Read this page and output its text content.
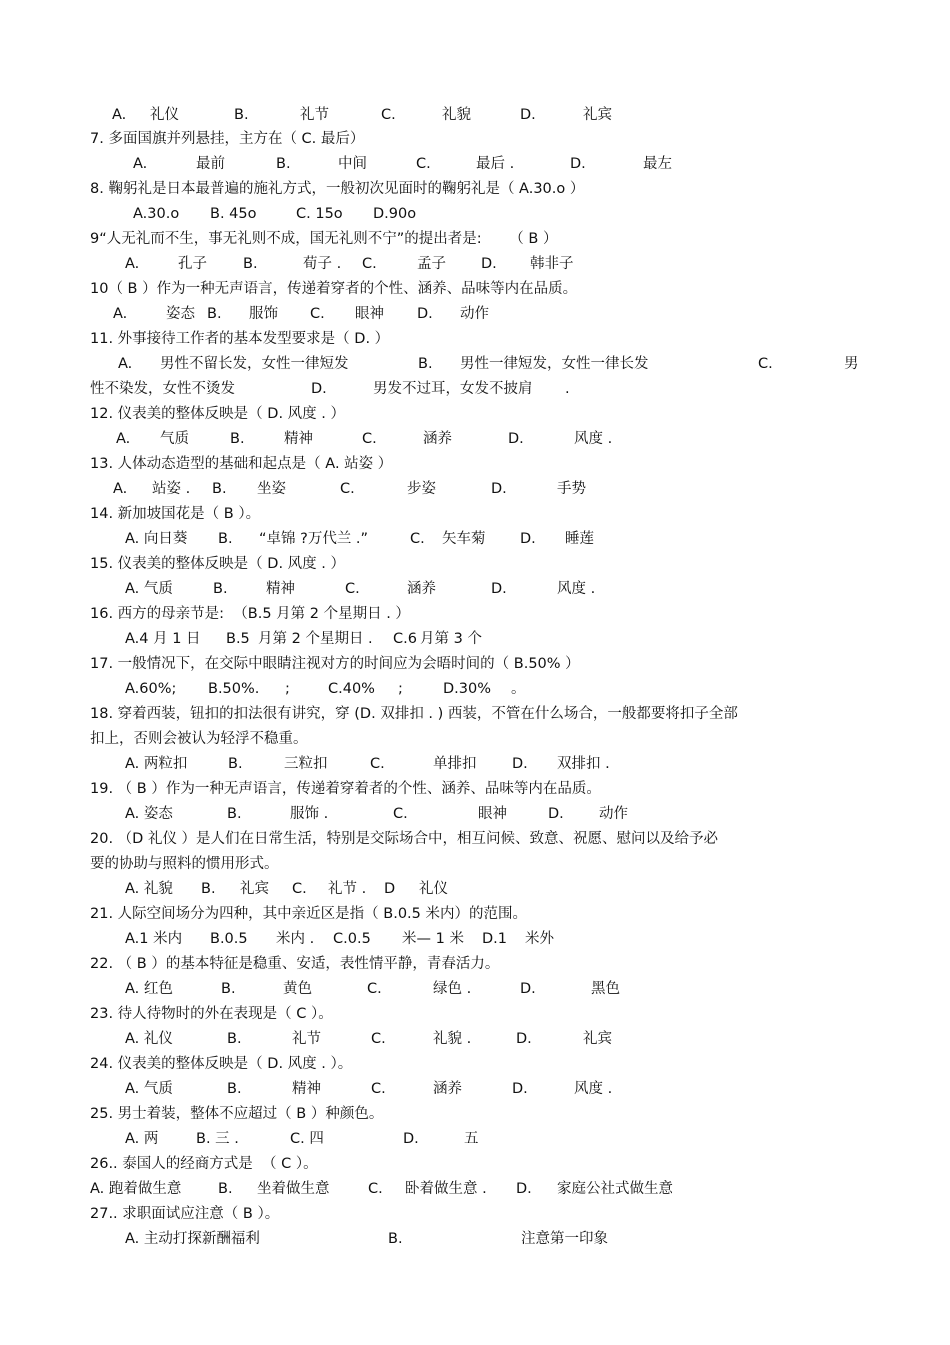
A. 礼仪	B.	礼节	C.	礼貌	D.	礼宾
7. 多面国旗并列悬挂，主方在（ C. 最后）
A.	最前	B.	中间	C.	最后 .	D.	最左
8. 鞠躬礼是日本最普遍的施礼方式，一般初次见面时的鞠躬礼是（ A.30.o ）
A.30.o B. 45o	C. 15o D.90o
9“人无礼而不生，事无礼则不成，国无礼则不宁”的提出者是:      （ B ）
A.	孔子 B.	荀子 . C.	孟子 D. 韩非子
10（ B ）作为一种无声语言，传递着穿者的个性、涵养、品味等内在品质。
A.	姿态 B. 服饰 C. 眼神 D. 动作
11. 外事接待工作者的基本发型要求是（ D. ）
A. 男性不留长发，女性一律短发	B. 男性一律短发，女性一律长发	C.	男
性不染发，女性不烫发	D.	男发不过耳，女发不披肩 .
12. 仪表美的整体反映是（ D. 风度 . ）
A. 气质	B.	精神	C.	涵养	D.	风度 .
13. 人体动态造型的基础和起点是（ A. 站姿 ）
A. 站姿 . B. 坐姿	C.	步姿	D.	手势
14. 新加坡国花是（ B ）。
A. 向日葵 B. “卓锦 ?万代兰 .”	C. 矢车菊 D. 睡莲
15. 仪表美的整体反映是（ D. 风度 . ）
A. 气质	B.	精神	C.	涵养	D.	风度 .
16. 西方的母亲节是:  （B.5 月第 2 个星期日 . ）
A.4 月 1 日 B.5 月第 2 个星期日 . C.6 月第 3 个
17. 一般情况下，在交际中眼睛注视对方的时间应为会晤时间的（ B.50% ）
A.60%; B.50%. ;	C.40% ;	D.30% 。
18. 穿着西装，钮扣的扣法很有讲究，穿 (D. 双排扣 . ) 西装，不管在什么场合，一般都要将扣子全部
扣上，否则会被认为轻浮不稳重。
A. 两粒扣	B.	三粒扣	C.	单排扣 D. 双排扣 .
19. （ B ）作为一种无声语言，传递着穿着者的个性、涵养、品味等内在品质。
A. 姿态	B.	服饰 .	C.	眼神	D. 动作
20. （D 礼仪 ）是人们在日常生活，特别是交际场合中，相互问候、致意、祝愿、慰问以及给予必
要的协助与照料的惯用形式。
A. 礼貌 B. 礼宾 C. 礼节 . D 礼仪
21. 人际空间场分为四种，其中亲近区是指（ B.0.5 米内）的范围。
A.1 米内 B.0.5 米内 . C.0.5 米— 1 米 D.1 米外
22. （ B ）的基本特征是稳重、安适，表性情平静，青春活力。
A. 红色	B.	黄色	C.	绿色 .	D.	黑色
23. 待人待物时的外在表现是（ C ）。
A. 礼仪	B.	礼节	C.	礼貌 .	D.	礼宾
24. 仪表美的整体反映是（ D. 风度 . ）。
A. 气质	B.	精神	C.	涵养	D.	风度 .
25. 男士着装，整体不应超过（ B ）种颜色。
A. 两	B. 三 .	C. 四	D.	五
26.. 泰国人的经商方式是  （ C ）。
A. 跑着做生意	B. 坐着做生意	C. 卧着做生意 . D. 家庭公社式做生意
27.. 求职面试应注意（ B ）。
A. 主动打探新酬福利	B.	注意第一印象
